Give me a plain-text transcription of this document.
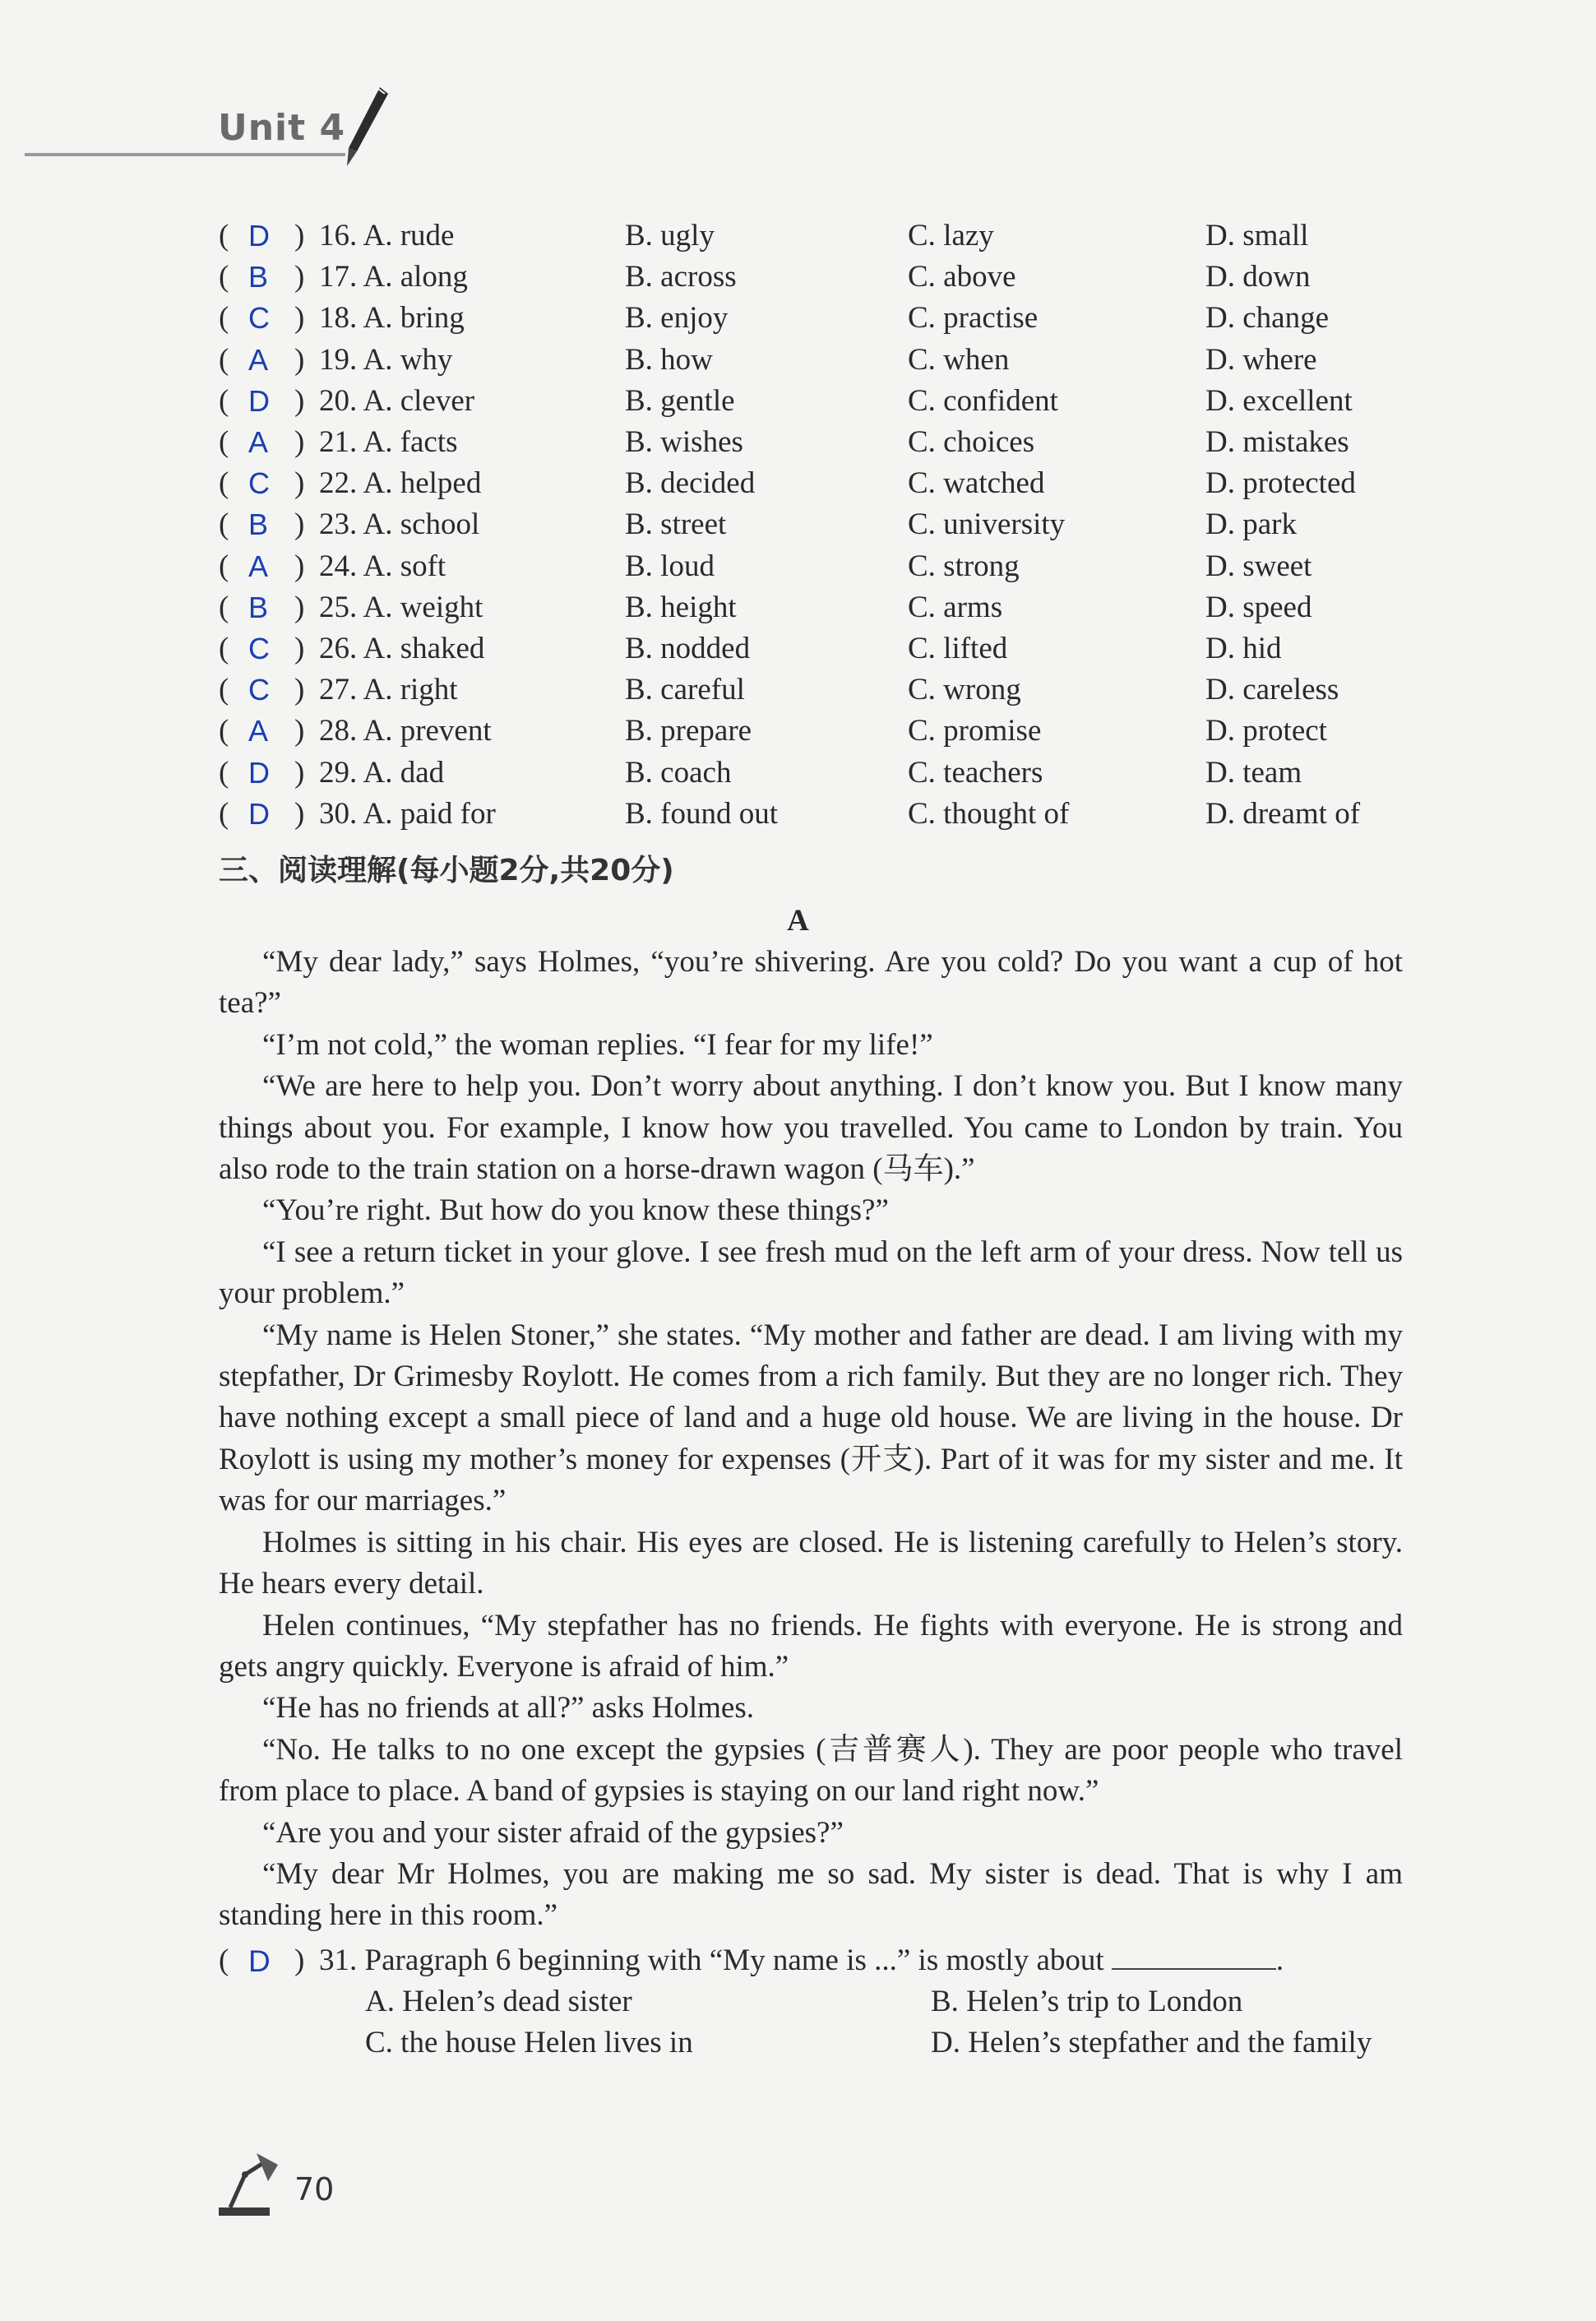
Unit 4
( D ) 16. A. rude	B. ugly	C. lazy	D. small
( B ) 17. A. along	B. across	C. above	D. down
( C ) 18. A. bring	B. enjoy	C. practise	D. change
( A ) 19. A. why	B. how	C. when	D. where
( D ) 20. A. clever	B. gentle	C. confident	D. excellent
( A ) 21. A. facts	B. wishes	C. choices	D. mistakes
( C ) 22. A. helped	B. decided	C. watched	D. protected
( B ) 23. A. school	B. street	C. university	D. park
( A ) 24. A. soft	B. loud	C. strong	D. sweet
( B ) 25. A. weight	B. height	C. arms	D. speed
( C ) 26. A. shaked	B. nodded	C. lifted	D. hid
( C ) 27. A. right	B. careful	C. wrong	D. careless
( A ) 28. A. prevent	B. prepare	C. promise	D. protect
( D ) 29. A. dad	B. coach	C. teachers	D. team
( D ) 30. A. paid for	B. found out	C. thought of	D. dreamt of
三、阅读理解(每小题2分,共20分)
A

“My dear lady,” says Holmes, “you’re shivering. Are you cold? Do you want a cup of hot tea?”

“I’m not cold,” the woman replies. “I fear for my life!”

“We are here to help you. Don’t worry about anything. I don’t know you. But I know many things about you. For example, I know how you travelled. You came to London by train. You also rode to the train station on a horse-drawn wagon (马车).”

“You’re right. But how do you know these things?”

“I see a return ticket in your glove. I see fresh mud on the left arm of your dress. Now tell us your problem.”

“My name is Helen Stoner,” she states. “My mother and father are dead. I am living with my stepfather, Dr Grimesby Roylott. He comes from a rich family. But they are no longer rich. They have nothing except a small piece of land and a huge old house. We are living in the house. Dr Roylott is using my mother’s money for expenses (开支). Part of it was for my sister and me. It was for our marriages.”

Holmes is sitting in his chair. His eyes are closed. He is listening carefully to Helen’s story. He hears every detail.

Helen continues, “My stepfather has no friends. He fights with everyone. He is strong and gets angry quickly. Everyone is afraid of him.”

“He has no friends at all?” asks Holmes.

“No. He talks to no one except the gypsies (吉普赛人). They are poor people who travel from place to place. A band of gypsies is staying on our land right now.”

“Are you and your sister afraid of the gypsies?”

“My dear Mr Holmes, you are making me so sad. My sister is dead. That is why I am standing here in this room.”

( D ) 31. Paragraph 6 beginning with “My name is ...” is mostly about	.
A. Helen’s dead sister	B. Helen’s trip to London
C. the house Helen lives in	D. Helen’s stepfather and the family
70
